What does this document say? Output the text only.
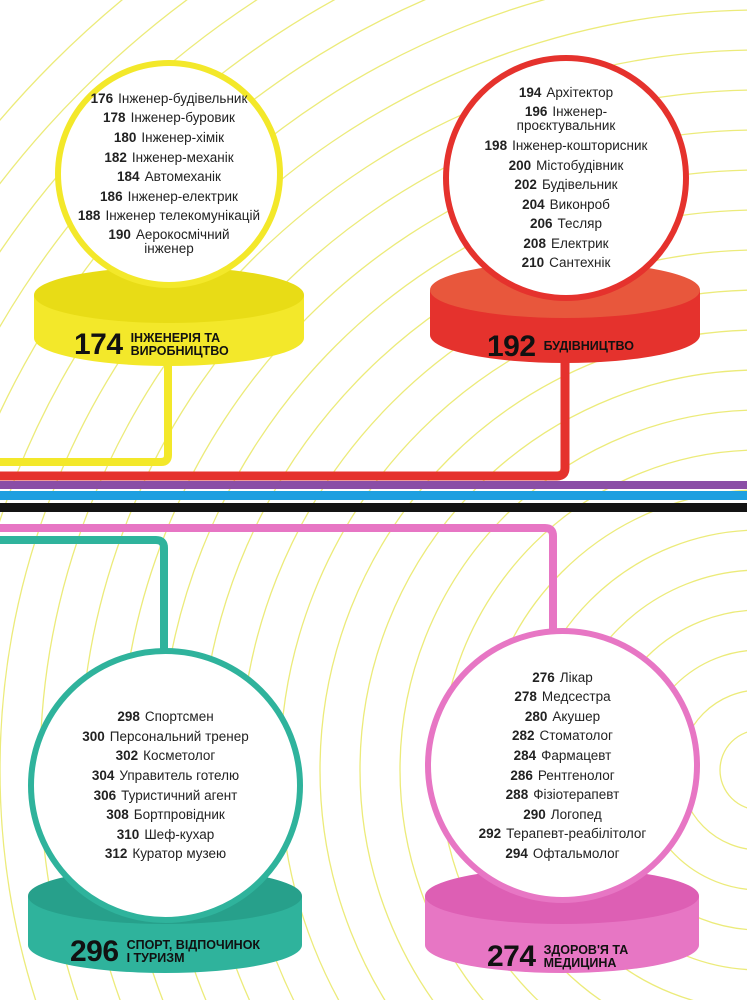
176 Інженер-будівельник
178 Інженер-буровик
180 Інженер-хімік
182 Інженер-механік
184 Автомеханік
186 Інженер-електрик
188 Інженер телекомунікацій
190 Аерокосмічний
інженер
174 ІНЖЕНЕРІЯ ТА
ВИРОБНИЦТВО
194 Архітектор
196 Інженер-
проєктувальник
198 Інженер-кошторисник
200 Містобудівник
202 Будівельник
204 Виконроб
206 Тесляр
208 Електрик
210 Сантехнік
192 БУДІВНИЦТВО
298 Спортсмен
300 Персональний тренер
302 Косметолог
304 Управитель готелю
306 Туристичний агент
308 Бортпровідник
310 Шеф-кухар
312 Куратор музею
296 СПОРТ, ВІДПОЧИНОК
І ТУРИЗМ
276 Лікар
278 Медсестра
280 Акушер
282 Стоматолог
284 Фармацевт
286 Рентгенолог
288 Фізіотерапевт
290 Логопед
292 Терапевт-реабілітолог
294 Офтальмолог
274 ЗДОРОВ'Я ТА
МЕДИЦИНА
